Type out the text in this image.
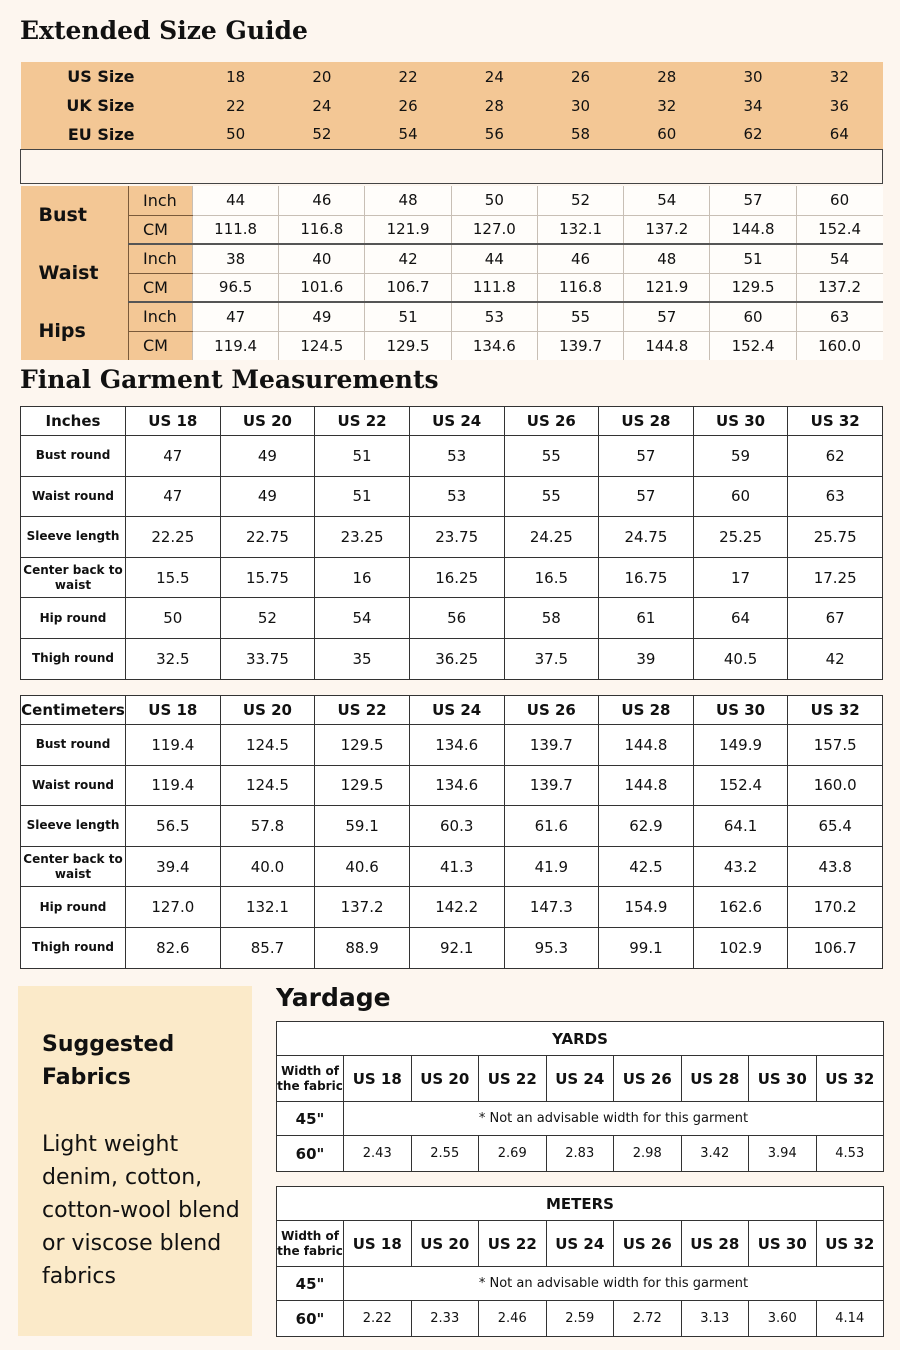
Extended Size Guide
US Size		18	20	22	24	26	28	30	32
UK Size		22	24	26	28	30	32	34	36
EU Size		50	52	54	56	58	60	62	64

Bust	Inch	44	46	48	50	52	54	57	60
	CM	111.8	116.8	121.9	127.0	132.1	137.2	144.8	152.4
Waist	Inch	38	40	42	44	46	48	51	54
	CM	96.5	101.6	106.7	111.8	116.8	121.9	129.5	137.2
Hips	Inch	47	49	51	53	55	57	60	63
	CM	119.4	124.5	129.5	134.6	139.7	144.8	152.4	160.0
Final Garment Measurements
Inches	US 18	US 20	US 22	US 24	US 26	US 28	US 30	US 32
Bust round	47	49	51	53	55	57	59	62
Waist round	47	49	51	53	55	57	60	63
Sleeve length	22.25	22.75	23.25	23.75	24.25	24.75	25.25	25.75
Center back to waist	15.5	15.75	16	16.25	16.5	16.75	17	17.25
Hip round	50	52	54	56	58	61	64	67
Thigh round	32.5	33.75	35	36.25	37.5	39	40.5	42
Centimeters	US 18	US 20	US 22	US 24	US 26	US 28	US 30	US 32
Bust round	119.4	124.5	129.5	134.6	139.7	144.8	149.9	157.5
Waist round	119.4	124.5	129.5	134.6	139.7	144.8	152.4	160.0
Sleeve length	56.5	57.8	59.1	60.3	61.6	62.9	64.1	65.4
Center back to waist	39.4	40.0	40.6	41.3	41.9	42.5	43.2	43.8
Hip round	127.0	132.1	137.2	142.2	147.3	154.9	162.6	170.2
Thigh round	82.6	85.7	88.9	92.1	95.3	99.1	102.9	106.7
Suggested Fabrics
Light weight denim, cotton, cotton-wool blend or viscose blend fabrics
Yardage
YARDS								
Width of the fabric	US 18	US 20	US 22	US 24	US 26	US 28	US 30	US 32
45"	* Not an advisable width for this garment							
60"	2.43	2.55	2.69	2.83	2.98	3.42	3.94	4.53
METERS								
Width of the fabric	US 18	US 20	US 22	US 24	US 26	US 28	US 30	US 32
45"	* Not an advisable width for this garment							
60"	2.22	2.33	2.46	2.59	2.72	3.13	3.60	4.14
